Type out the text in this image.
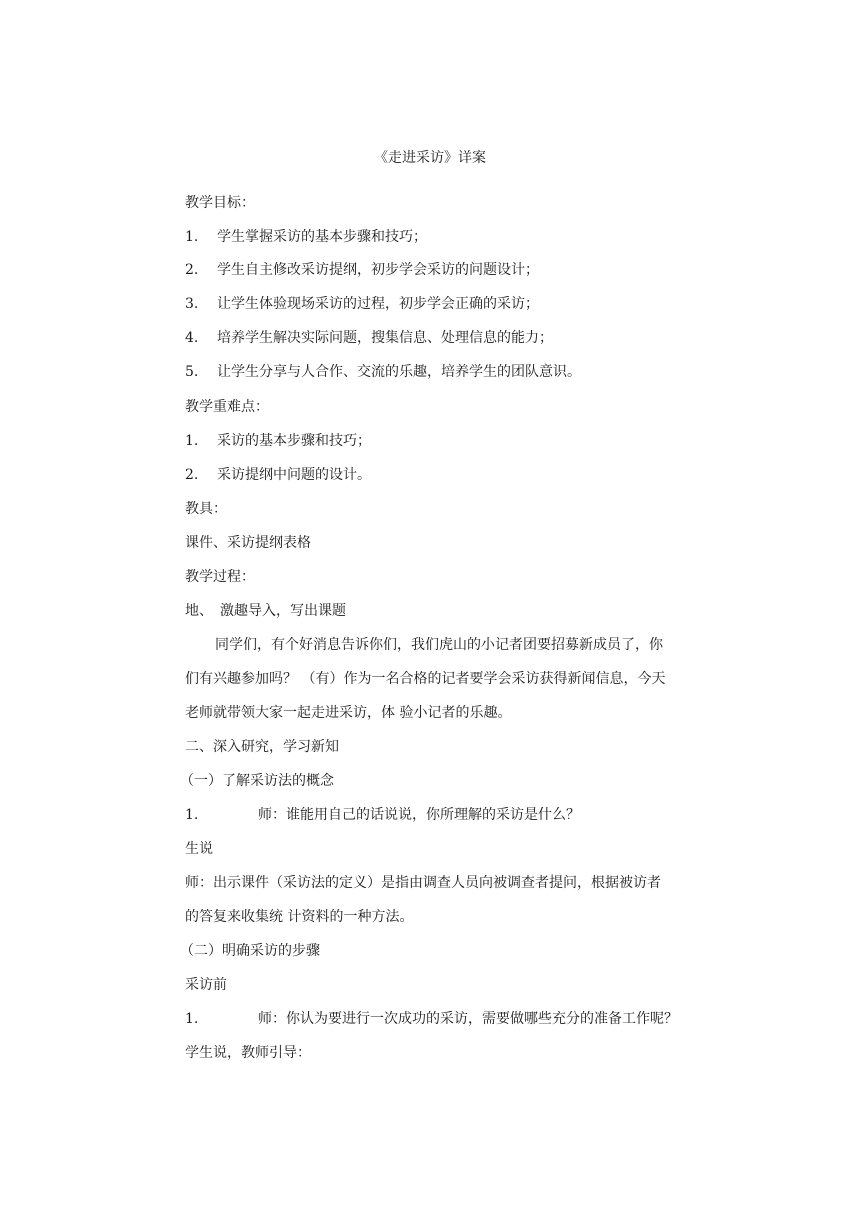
《走进采访》详案
教学目标：
1. 学生掌握采访的基本步骤和技巧；
2. 学生自主修改采访提纲，初步学会采访的问题设计；
3. 让学生体验现场采访的过程，初步学会正确的采访；
4. 培养学生解决实际问题，搜集信息、处理信息的能力；
5. 让学生分享与人合作、交流的乐趣，培养学生的团队意识。
教学重难点：
1. 采访的基本步骤和技巧；
2. 采访提纲中问题的设计。
教具：
课件、采访提纲表格
教学过程：
地、 激趣导入，写出课题
同学们，有个好消息告诉你们，我们虎山的小记者团要招募新成员了，你
们有兴趣参加吗？ （有）作为一名合格的记者要学会采访获得新闻信息，今天
老师就带领大家一起走进采访，体 验小记者的乐趣。
二、深入研究，学习新知
（一）了解采访法的概念
1.	师：谁能用自己的话说说，你所理解的采访是什么？
生说
师：出示课件（采访法的定义）是指由调查人员向被调查者提问，根据被访者
的答复来收集统 计资料的一种方法。
（二）明确采访的步骤
采访前
1.	师：你认为要进行一次成功的采访，需要做哪些充分的准备工作呢？
学生说，教师引导：
